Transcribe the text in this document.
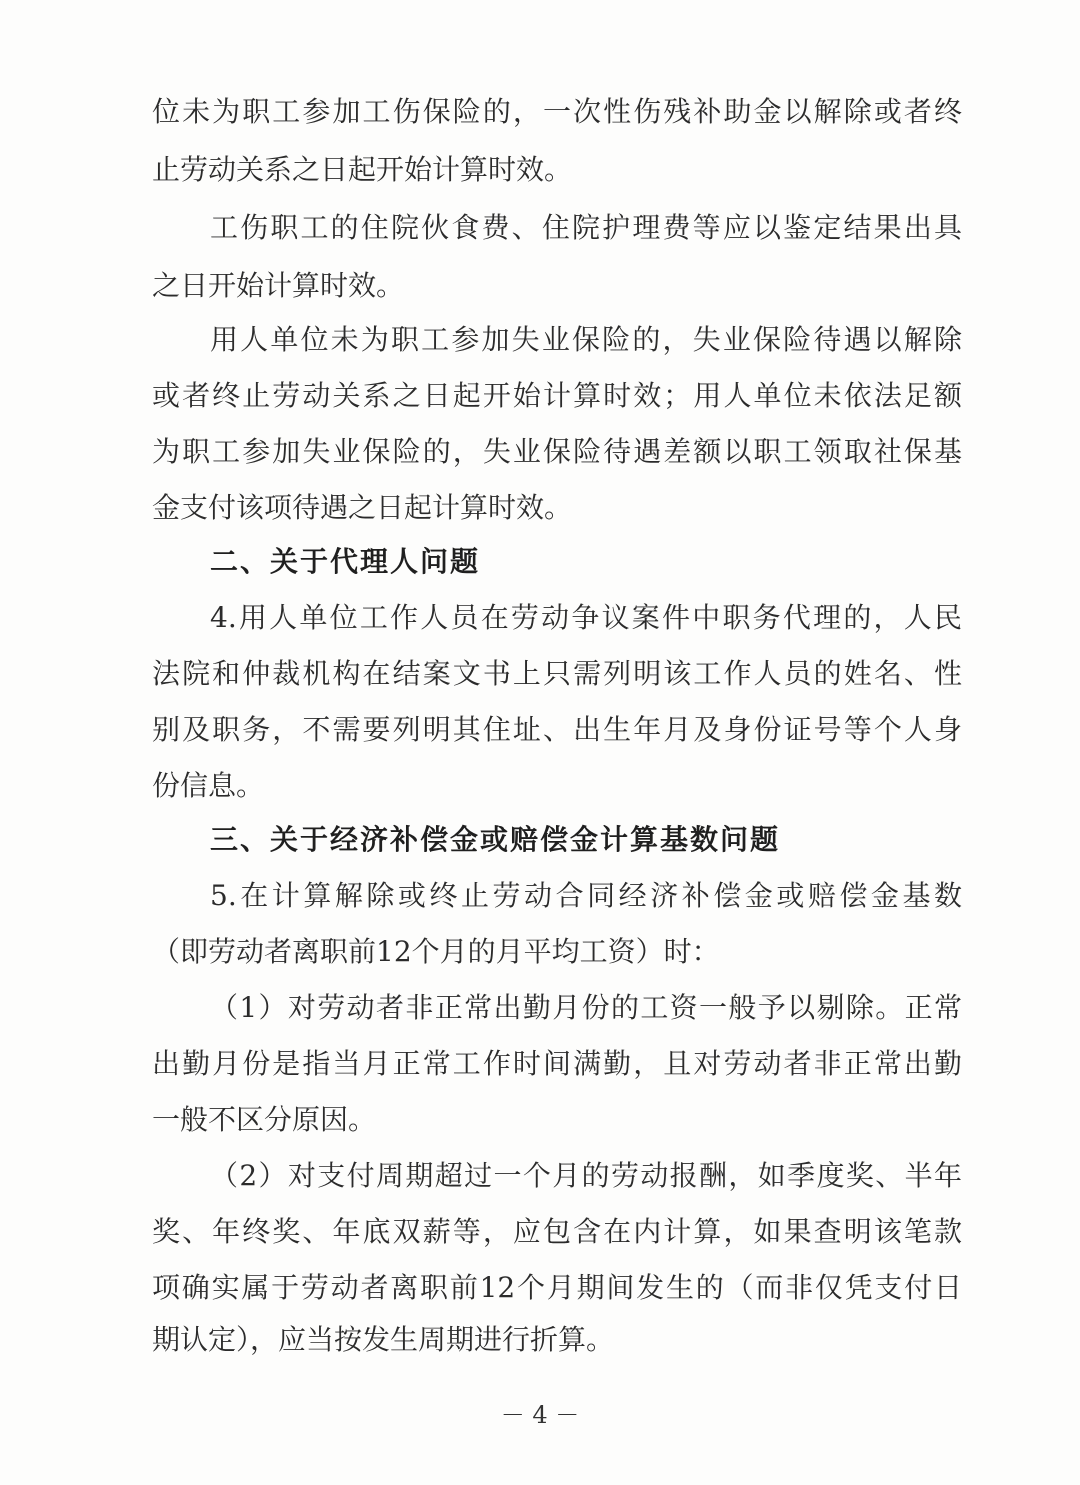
位未为职工参加工伤保险的，一次性伤残补助金以解除或者终
止劳动关系之日起开始计算时效。
工伤职工的住院伙食费、住院护理费等应以鉴定结果出具
之日开始计算时效。
用人单位未为职工参加失业保险的，失业保险待遇以解除
或者终止劳动关系之日起开始计算时效；用人单位未依法足额
为职工参加失业保险的，失业保险待遇差额以职工领取社保基
金支付该项待遇之日起计算时效。
二、关于代理人问题
4.用人单位工作人员在劳动争议案件中职务代理的，人民
法院和仲裁机构在结案文书上只需列明该工作人员的姓名、性
别及职务，不需要列明其住址、出生年月及身份证号等个人身
份信息。
三、关于经济补偿金或赔偿金计算基数问题
5.在计算解除或终止劳动合同经济补偿金或赔偿金基数
（即劳动者离职前12个月的月平均工资）时：
（1）对劳动者非正常出勤月份的工资一般予以剔除。正常
出勤月份是指当月正常工作时间满勤，且对劳动者非正常出勤
一般不区分原因。
（2）对支付周期超过一个月的劳动报酬，如季度奖、半年
奖、年终奖、年底双薪等，应包含在内计算，如果查明该笔款
项确实属于劳动者离职前12个月期间发生的（而非仅凭支付日
期认定），应当按发生周期进行折算。
－ 4 －
